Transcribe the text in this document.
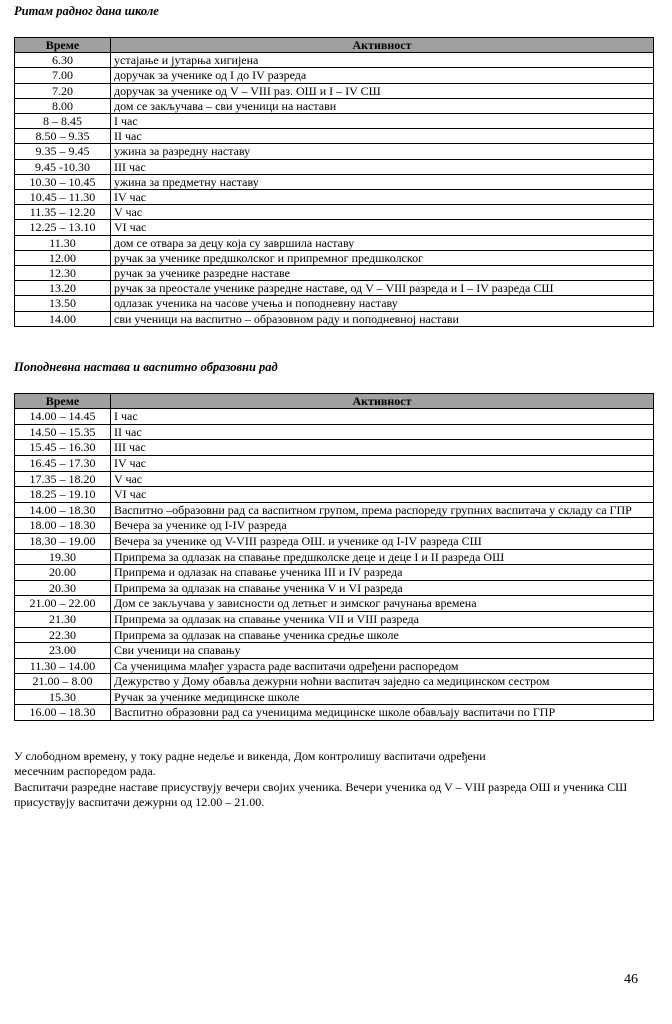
Ритам радног дана школе
Време	Активност
6.30	устајање и јутарња хигијена
7.00	доручак за ученике од I до IV разреда
7.20	доручак за ученике од V – VIII раз. ОШ и I – IV СШ
8.00	дом се закључава – сви ученици на настави
8 – 8.45	I час
8.50 – 9.35	II час
9.35 – 9.45	ужина за разредну наставу
9.45 -10.30	III час
10.30 – 10.45	ужина за предметну наставу
10.45 – 11.30	IV час
11.35 – 12.20	V час
12.25 – 13.10	VI час
11.30	дом се отвара за децу која су завршила наставу
12.00	ручак за ученике предшколског и припремног предшколског
12.30	ручак за ученике разредне наставе
13.20	ручак за преостале ученике разредне наставе, од V – VIII разреда и I – IV разреда СШ
13.50	одлазак ученика на часове учења и поподневну наставу
14.00	сви ученици на васпитно – образовном раду и поподневној настави
Поподневна настава и васпитно образовни рад
Време	Активност
14.00 – 14.45	I час
14.50 – 15.35	II час
15.45 – 16.30	III час
16.45 – 17.30	IV час
17.35 – 18.20	V час
18.25 – 19.10	VI час
14.00 – 18.30	Васпитно –образовни рад са васпитном групом, према распореду групних васпитача у складу са ГПР
18.00 – 18.30	Вечера за ученике од I-IV разреда
18.30 – 19.00	Вечера за ученике од V-VIII разреда ОШ. и ученике од I-IV разреда СШ
19.30	Припрема за одлазак на спавање предшколске деце и деце I и II разреда ОШ
20.00	Припрема и одлазак на спавање ученика III и IV разреда
20.30	Припрема за одлазак на спавање ученика V и VI разреда
21.00 – 22.00	Дом се закључава у зависности од летњег и зимског рачунања времена
21.30	Припрема за одлазак на спавање ученика VII и VIII разреда
22.30	Припрема за одлазак на спавање ученика средње школе
23.00	Сви ученици на спавању
11.30 – 14.00	Са ученицима млађег узраста раде васпитачи одређени распоредом
21.00 – 8.00	Дежурство у Дому обавља дежурни ноћни васпитач заједно са медицинском сестром
15.30	Ручак за ученике медицинске школе
16.00 – 18.30	Васпитно образовни рад са ученицима медицинске школе обављају васпитачи по ГПР

У слободном времену, у току радне недеље и викенда, Дом контролишу васпитачи одређени
месечним распоредом рада.

Васпитачи разредне наставе присуствују вечери својих ученика. Вечери ученика од V – VIII разреда ОШ и ученика СШ присуствују васпитачи дежурни од 12.00 – 21.00.

46
